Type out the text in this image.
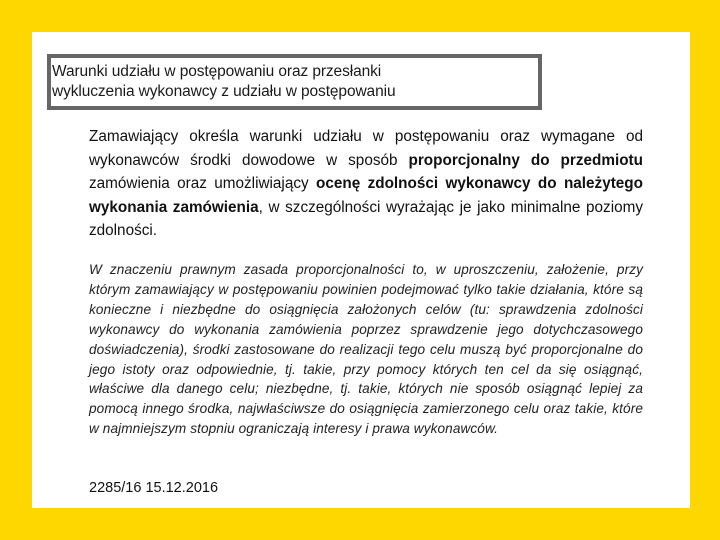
Warunki udziału w postępowaniu oraz przesłanki
wykluczenia wykonawcy z udziału w postępowaniu

Zamawiający określa warunki udziału w postępowaniu oraz wymagane od wykonawców środki dowodowe w sposób proporcjonalny do przedmiotu zamówienia oraz umożliwiający ocenę zdolności wykonawcy do należytego wykonania zamówienia, w szczególności wyrażając je jako minimalne poziomy zdolności.

W znaczeniu prawnym zasada proporcjonalności to, w uproszczeniu, założenie, przy którym zamawiający w postępowaniu powinien podejmować tylko takie działania, które są konieczne i niezbędne do osiągnięcia założonych celów (tu: sprawdzenia zdolności wykonawcy do wykonania zamówienia poprzez sprawdzenie jego dotychczasowego doświadczenia), środki zastosowane do realizacji tego celu muszą być proporcjonalne do jego istoty oraz odpowiednie, tj. takie, przy pomocy których ten cel da się osiągnąć, właściwe dla danego celu; niezbędne, tj. takie, których nie sposób osiągnąć lepiej za pomocą innego środka, najwłaściwsze do osiągnięcia zamierzonego celu oraz takie, które w najmniejszym stopniu ograniczają interesy i prawa wykonawców.

2285/16 15.12.2016
